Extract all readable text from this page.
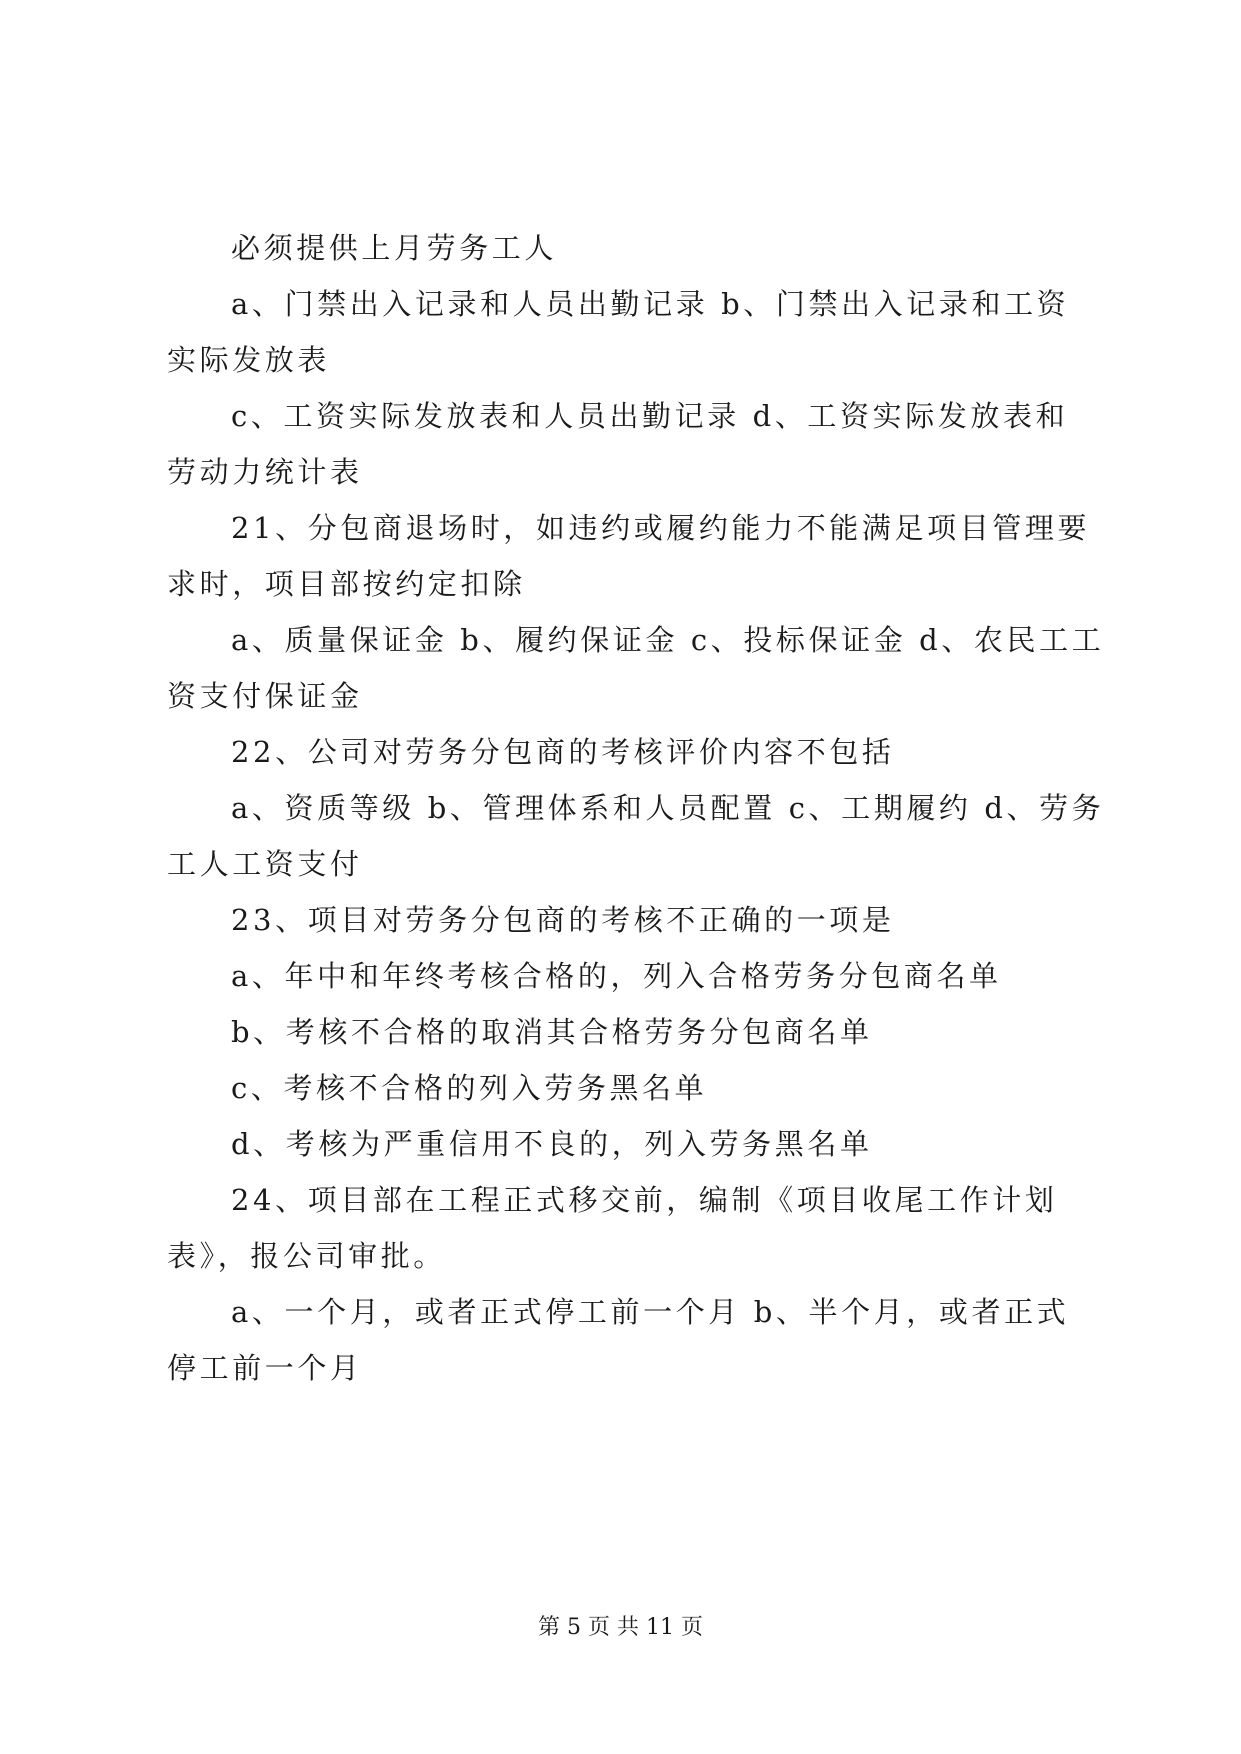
必须提供上月劳务工人
a、门禁出入记录和人员出勤记录 b、门禁出入记录和工资
实际发放表
c、工资实际发放表和人员出勤记录 d、工资实际发放表和
劳动力统计表
21、分包商退场时，如违约或履约能力不能满足项目管理要
求时，项目部按约定扣除
a、质量保证金 b、履约保证金 c、投标保证金 d、农民工工
资支付保证金
22、公司对劳务分包商的考核评价内容不包括
a、资质等级 b、管理体系和人员配置 c、工期履约 d、劳务
工人工资支付
23、项目对劳务分包商的考核不正确的一项是
a、年中和年终考核合格的，列入合格劳务分包商名单
b、考核不合格的取消其合格劳务分包商名单
c、考核不合格的列入劳务黑名单
d、考核为严重信用不良的，列入劳务黑名单
24、项目部在工程正式移交前，编制《项目收尾工作计划
表》，报公司审批。
a、一个月，或者正式停工前一个月 b、半个月，或者正式
停工前一个月
第 5 页 共 11 页
